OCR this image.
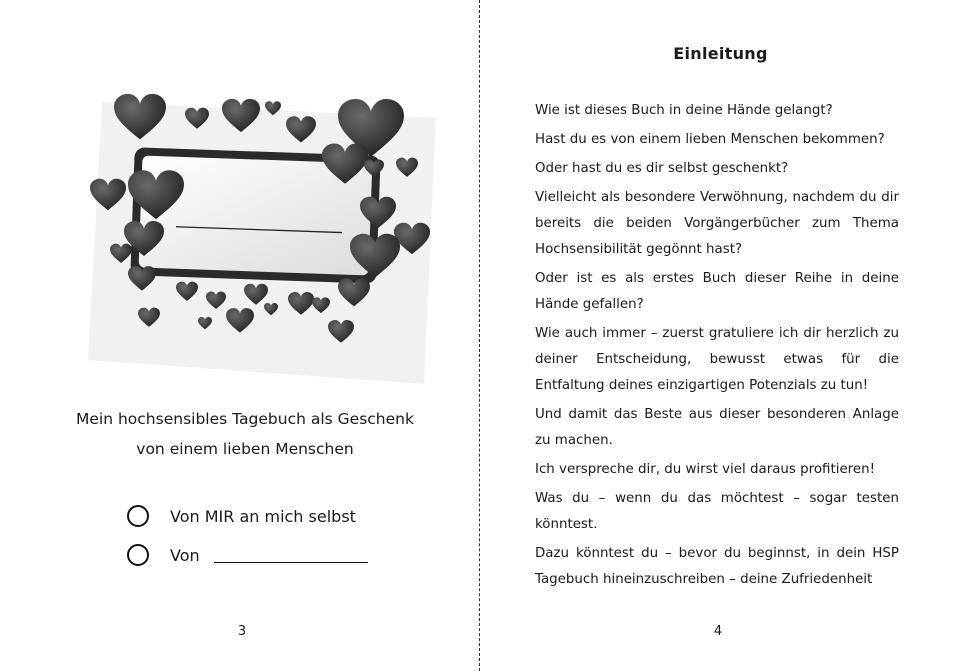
Mein hochsensibles Tagebuch als Geschenk
von einem lieben Menschen
Von MIR an mich selbst
Von
3
Einleitung

Wie ist dieses Buch in deine Hände gelangt?

Hast du es von einem lieben Menschen bekommen?

Oder hast du es dir selbst geschenkt?

Vielleicht als besondere Verwöhnung, nachdem du dir bereits die beiden Vorgängerbücher zum Thema Hochsensibilität gegönnt hast?

Oder ist es als erstes Buch dieser Reihe in deine Hände gefallen?

Wie auch immer – zuerst gratuliere ich dir herzlich zu deiner Entscheidung, bewusst etwas für die Entfaltung deines einzigartigen Potenzials zu tun!

Und damit das Beste aus dieser besonderen Anlage zu machen.

Ich verspreche dir, du wirst viel daraus profitieren!

Was du – wenn du das möchtest – sogar testen könntest.

Dazu könntest du – bevor du beginnst, in dein HSP Tagebuch hineinzuschreiben – deine Zufriedenheit

4
